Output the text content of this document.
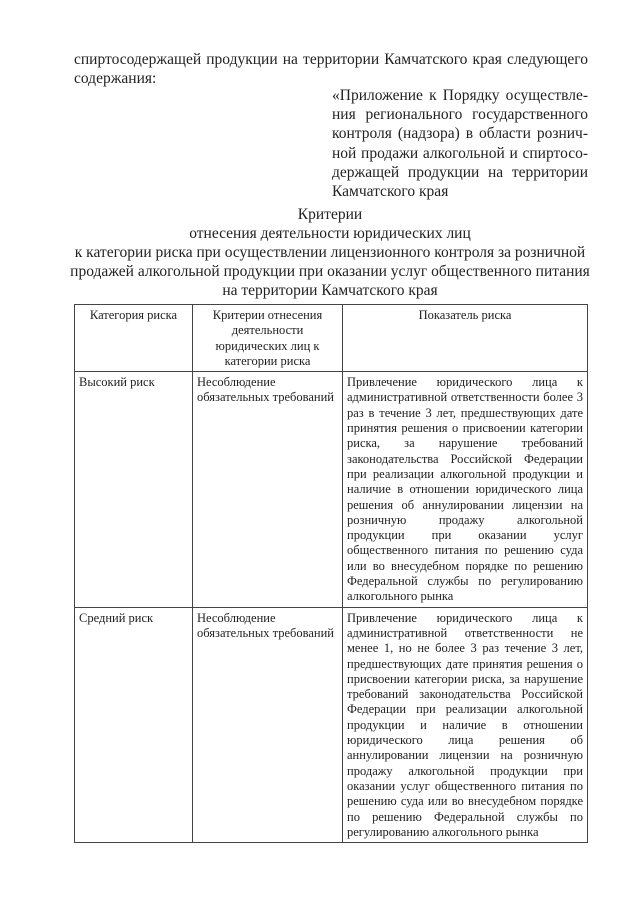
спиртосодержащей продукции на территории Камчатского края следующего
содержания:
«Приложение к Порядку осуществле-
ния регионального государственного
контроля (надзора) в области рознич-
ной продажи алкогольной и спиртосо-
держащей продукции на территории
Камчатского края
Критерии
отнесения деятельности юридических лиц
к категории риска при осуществлении лицензионного контроля за розничной
продажей алкогольной продукции при оказании услуг общественного питания
на территории Камчатского края
Категория риска	Критерии отнесения деятельности юридических лиц к категории риска	Показатель риска
Высокий риск	Несоблюдение обязательных требований	Привлечение юридического лица к административной ответственности более 3 раз в течение 3 лет, предшествующих дате принятия решения о присвоении категории риска, за нарушение требований законодательства Российской Федерации при реализации алкогольной продукции и наличие в отношении юридического лица решения об аннулировании лицензии на розничную продажу алкогольной продукции при оказании услуг общественного питания по решению суда или во внесудебном порядке по решению Федеральной службы по регулированию алкогольного рынка
Средний риск	Несоблюдение обязательных требований	Привлечение юридического лица к административной ответственности не менее 1, но не более 3 раз течение 3 лет, предшествующих дате принятия решения о присвоении категории риска, за нарушение требований законодательства Российской Федерации при реализации алкогольной продукции и наличие в отношении юридического лица решения об аннулировании лицензии на розничную продажу алкогольной продукции при оказании услуг общественного питания по решению суда или во внесудебном порядке по решению Федеральной службы по регулированию алкогольного рынка
